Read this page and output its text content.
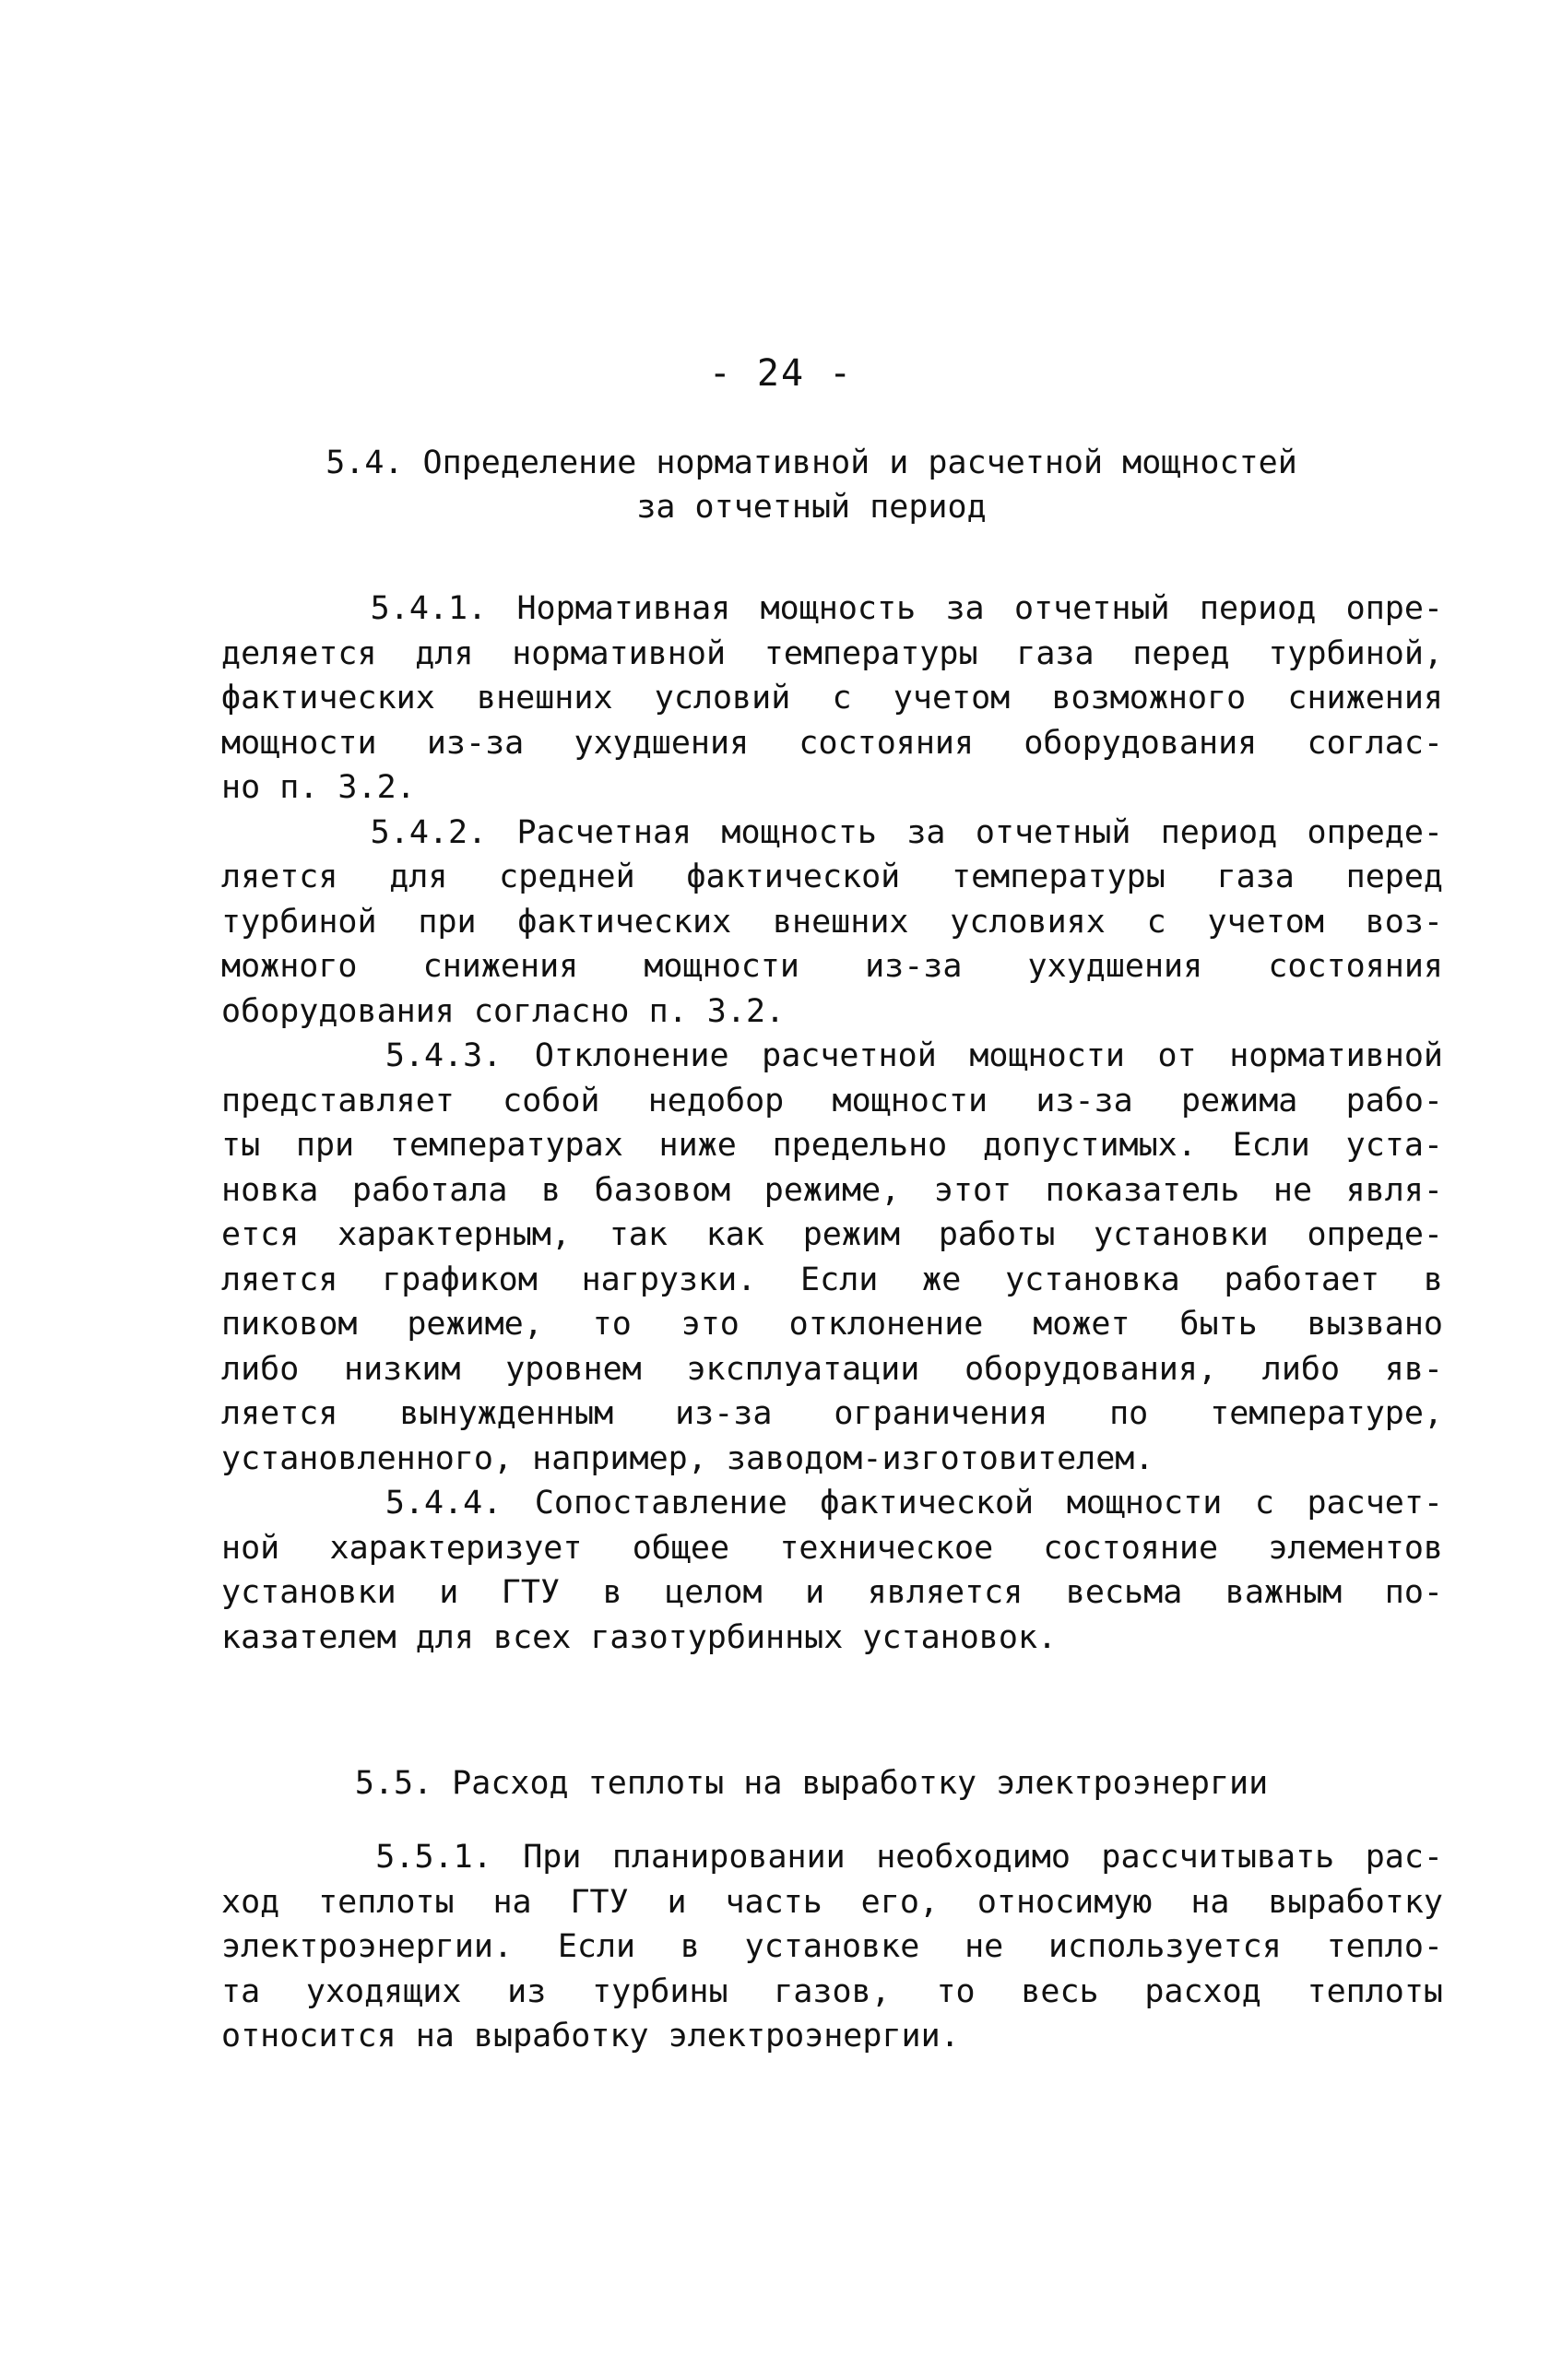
- 24 -
5.4. Определение нормативной и расчетной мощностей
за отчетный период
5.4.1. Нормативная мощность за отчетный период опре-
деляется для нормативной температуры газа перед турбиной,
фактических внешних условий с учетом возможного снижения
мощности из-за ухудшения состояния оборудования соглас-
но п. 3.2.
5.4.2. Расчетная мощность за отчетный период опреде-
ляется для средней фактической температуры газа перед
турбиной при фактических внешних условиях с учетом воз-
можного снижения мощности из-за ухудшения состояния
оборудования согласно п. 3.2.
5.4.3. Отклонение расчетной мощности от нормативной
представляет собой недобор мощности из-за режима рабо-
ты при температурах ниже предельно допустимых. Если уста-
новка работала в базовом режиме, этот показатель не явля-
ется характерным, так как режим работы установки опреде-
ляется графиком нагрузки. Если же установка работает в
пиковом режиме, то это отклонение может быть вызвано
либо низким уровнем эксплуатации оборудования, либо яв-
ляется вынужденным из-за ограничения по температуре,
установленного, например, заводом-изготовителем.
5.4.4. Сопоставление фактической мощности с расчет-
ной характеризует общее техническое состояние элементов
установки и ГТУ в целом и является весьма важным по-
казателем для всех газотурбинных установок.
5.5. Расход теплоты на выработку электроэнергии
5.5.1. При планировании необходимо рассчитывать рас-
ход теплоты на ГТУ и часть его, относимую на выработку
электроэнергии. Если в установке не используется тепло-
та уходящих из турбины газов, то весь расход теплоты
относится на выработку электроэнергии.
